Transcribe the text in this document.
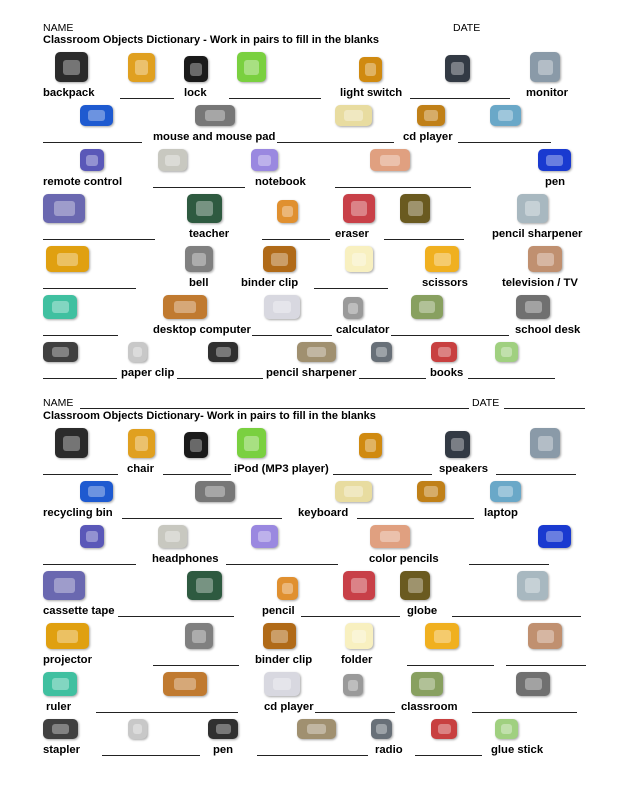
NAME	DATE
Classroom Objects Dictionary - Work in pairs to fill in the blanks
backpack	lock	light switch	monitor
mouse and mouse pad	cd player
remote control	notebook	pen
teacher	eraser	pencil sharpener
bell	binder clip	scissors	television / TV
desktop computer	calculator	school desk
paper clip	pencil sharpener	books
NAME	DATE
Classroom Objects Dictionary- Work in pairs to fill in the blanks
chair	iPod (MP3 player)	speakers
recycling bin	keyboard	laptop
headphones	color pencils
cassette tape	pencil	globe
projector	binder clip	folder
ruler	cd player	classroom
stapler	pen	radio	glue stick
